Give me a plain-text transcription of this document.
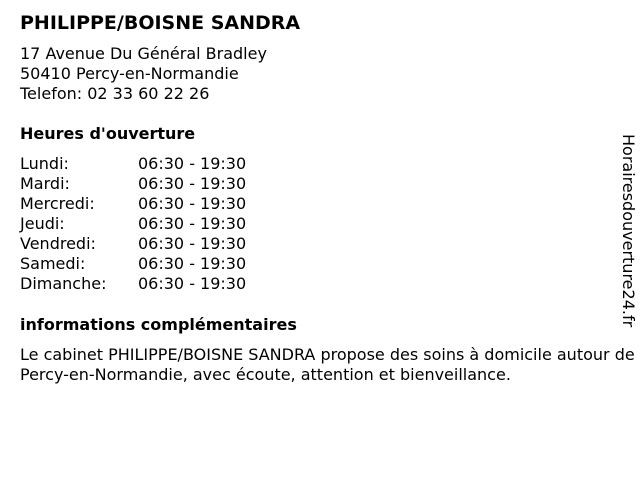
PHILIPPE/BOISNE SANDRA
17 Avenue Du Général Bradley
50410 Percy-en-Normandie
Telefon: 02 33 60 22 26
Heures d'ouverture
Lundi:	06:30 - 19:30
Mardi:	06:30 - 19:30
Mercredi:	06:30 - 19:30
Jeudi:	06:30 - 19:30
Vendredi:	06:30 - 19:30
Samedi:	06:30 - 19:30
Dimanche:	06:30 - 19:30
informations complémentaires
Le cabinet PHILIPPE/BOISNE SANDRA propose des soins à domicile autour de Percy-en-Normandie, avec écoute, attention et bienveillance.
Horairesdouverture24.fr
